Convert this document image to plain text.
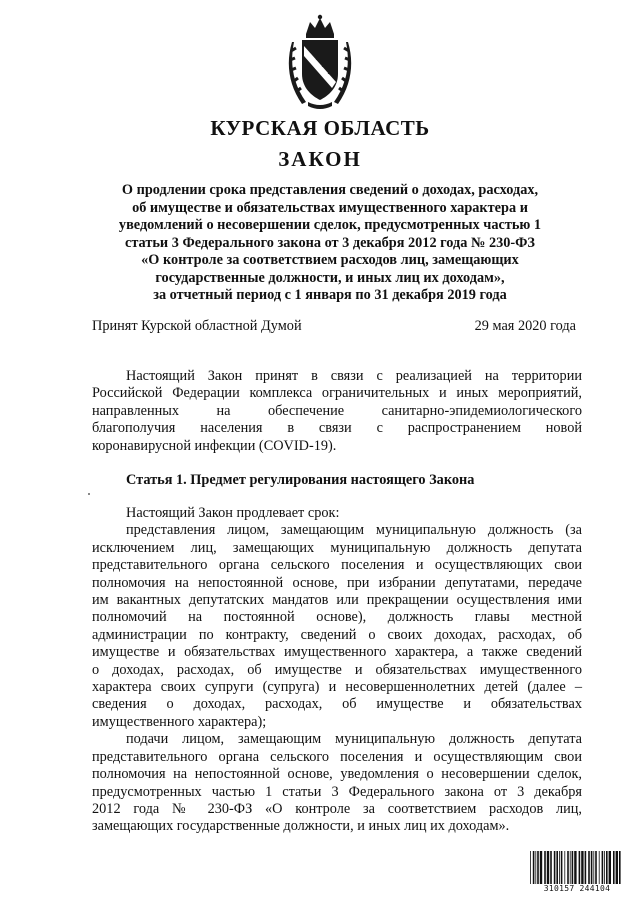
КУРСКАЯ ОБЛАСТЬ
ЗАКОН
О продлении срока представления сведений о доходах, расходах,
об имуществе и обязательствах имущественного характера и
уведомлений о несовершении сделок, предусмотренных частью 1
статьи 3 Федерального закона от 3 декабря 2012 года № 230-ФЗ
«О контроле за соответствием расходов лиц, замещающих
государственные должности, и иных лиц их доходам»,
за отчетный период с 1 января по 31 декабря 2019 года
Принят Курской областной Думой	29 мая 2020 года
Настоящий Закон принят в связи с реализацией на территории
Российской Федерации комплекса ограничительных и иных мероприятий,
направленных на обеспечение санитарно-эпидемиологического
благополучия населения в связи с распространением новой
коронавирусной инфекции (COVID-19).
Статья 1. Предмет регулирования настоящего Закона
Настоящий Закон продлевает срок:
представления лицом, замещающим муниципальную должность (за
исключением лиц, замещающих муниципальную должность депутата
представительного органа сельского поселения и осуществляющих свои
полномочия на непостоянной основе, при избрании депутатами, передаче
им вакантных депутатских мандатов или прекращении осуществления ими
полномочий на постоянной основе), должность главы местной
администрации по контракту, сведений о своих доходах, расходах, об
имуществе и обязательствах имущественного характера, а также сведений
о доходах, расходах, об имуществе и обязательствах имущественного
характера своих супруги (супруга) и несовершеннолетних детей (далее –
сведения о доходах, расходах, об имуществе и обязательствах
имущественного характера);
подачи лицом, замещающим муниципальную должность депутата
представительного органа сельского поселения и осуществляющим свои
полномочия на непостоянной основе, уведомления о несовершении сделок,
предусмотренных частью 1 статьи 3 Федерального закона от 3 декабря
2012 года № 230-ФЗ «О контроле за соответствием расходов лиц,
замещающих государственные должности, и иных лиц их доходам».
310157 244104
